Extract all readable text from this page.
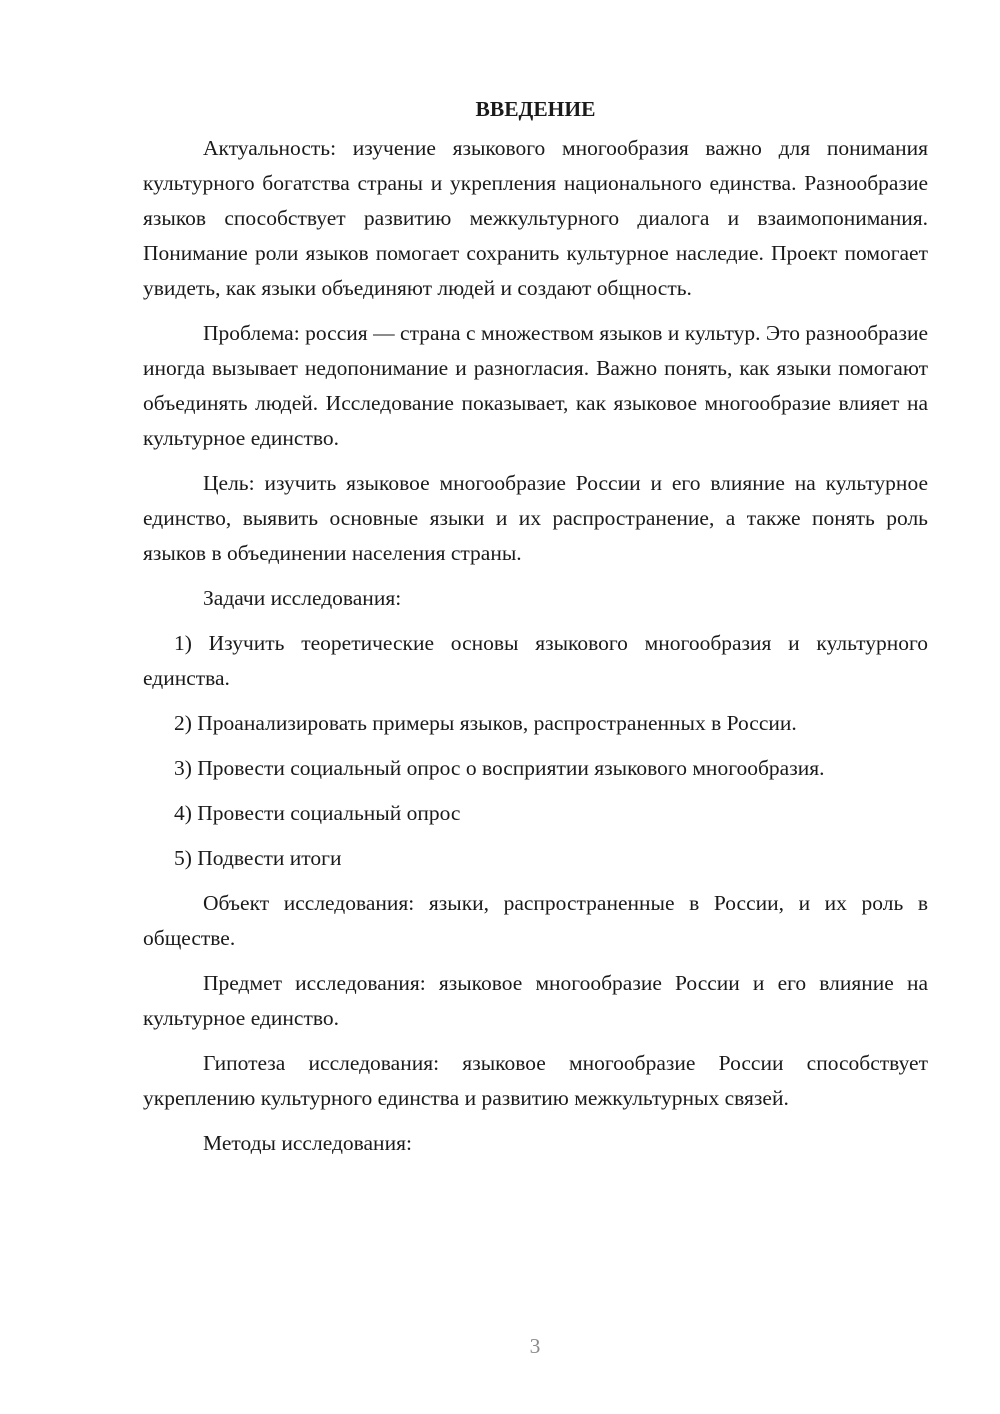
ВВЕДЕНИЕ

Актуальность: изучение языкового многообразия важно для понимания культурного богатства страны и укрепления национального единства. Разнообразие языков способствует развитию межкультурного диалога и взаимопонимания. Понимание роли языков помогает сохранить культурное наследие. Проект помогает увидеть, как языки объединяют людей и создают общность.

Проблема: россия — страна с множеством языков и культур. Это разнообразие иногда вызывает недопонимание и разногласия. Важно понять, как языки помогают объединять людей. Исследование показывает, как языковое многообразие влияет на культурное единство.

Цель: изучить языковое многообразие России и его влияние на культурное единство, выявить основные языки и их распространение, а также понять роль языков в объединении населения страны.

Задачи исследования:

1) Изучить теоретические основы языкового многообразия и культурного единства.

2) Проанализировать примеры языков, распространенных в России.

3) Провести социальный опрос о восприятии языкового многообразия.

4) Провести социальный опрос

5) Подвести итоги

Объект исследования: языки, распространенные в России, и их роль в обществе.

Предмет исследования: языковое многообразие России и его влияние на культурное единство.

Гипотеза исследования: языковое многообразие России способствует укреплению культурного единства и развитию межкультурных связей.

Методы исследования:

3
